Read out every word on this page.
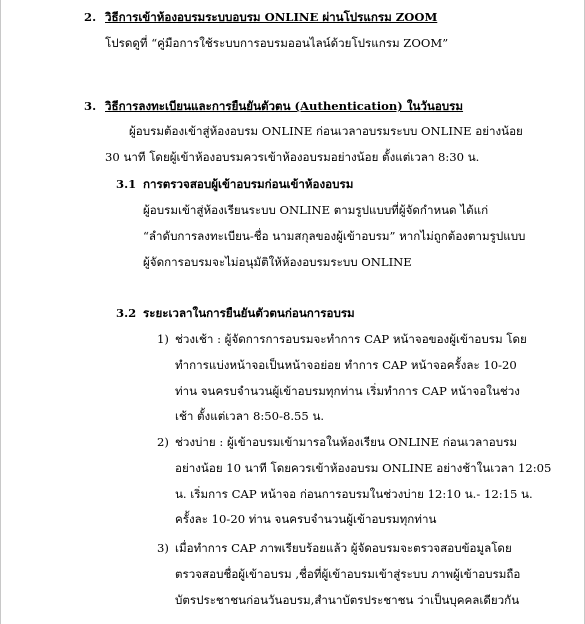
2. วิธีการเข้าห้องอบรมระบบอบรม ONLINE ผ่านโปรแกรม ZOOM
โปรดดูที่ “คู่มือการใช้ระบบการอบรมออนไลน์ด้วยโปรแกรม ZOOM”
3. วิธีการลงทะเบียนและการยืนยันตัวตน (Authentication) ในวันอบรม
ผู้อบรมต้องเข้าสู่ห้องอบรม ONLINE ก่อนเวลาอบรมระบบ ONLINE อย่างน้อย
30 นาที โดยผู้เข้าห้องอบรมควรเข้าห้องอบรมอย่างน้อย ตั้งแต่เวลา 8:30 น.
3.1 การตรวจสอบผู้เข้าอบรมก่อนเข้าห้องอบรม
ผู้อบรมเข้าสู่ห้องเรียนระบบ ONLINE ตามรูปแบบที่ผู้จัดกำหนด ได้แก่
“ลำดับการลงทะเบียน-ชื่อ นามสกุลของผู้เข้าอบรม” หากไม่ถูกต้องตามรูปแบบ
ผู้จัดการอบรมจะไม่อนุมัติให้ห้องอบรมระบบ ONLINE
3.2 ระยะเวลาในการยืนยันตัวตนก่อนการอบรม
1) ช่วงเช้า : ผู้จัดการการอบรมจะทำการ CAP หน้าจอของผู้เข้าอบรม โดย
ทำการแบ่งหน้าจอเป็นหน้าจอย่อย ทำการ CAP หน้าจอครั้งละ 10-20
ท่าน จนครบจำนวนผู้เข้าอบรมทุกท่าน เริ่มทำการ CAP หน้าจอในช่วง
เช้า ตั้งแต่เวลา 8:50-8.55 น.
2) ช่วงบ่าย : ผู้เข้าอบรมเข้ามารอในห้องเรียน ONLINE ก่อนเวลาอบรม
อย่างน้อย 10 นาที โดยควรเข้าห้องอบรม ONLINE อย่างช้าในเวลา 12:05
น. เริ่มการ CAP หน้าจอ ก่อนการอบรมในช่วงบ่าย 12:10 น.- 12:15 น.
ครั้งละ 10-20 ท่าน จนครบจำนวนผู้เข้าอบรมทุกท่าน
3) เมื่อทำการ CAP ภาพเรียบร้อยแล้ว ผู้จัดอบรมจะตรวจสอบข้อมูลโดย
ตรวจสอบชื่อผู้เข้าอบรม ,ชื่อที่ผู้เข้าอบรมเข้าสู่ระบบ ภาพผู้เข้าอบรมถือ
บัตรประชาชนก่อนวันอบรม,สำนาบัตรประชาชน ว่าเป็นบุคคลเดียวกัน
